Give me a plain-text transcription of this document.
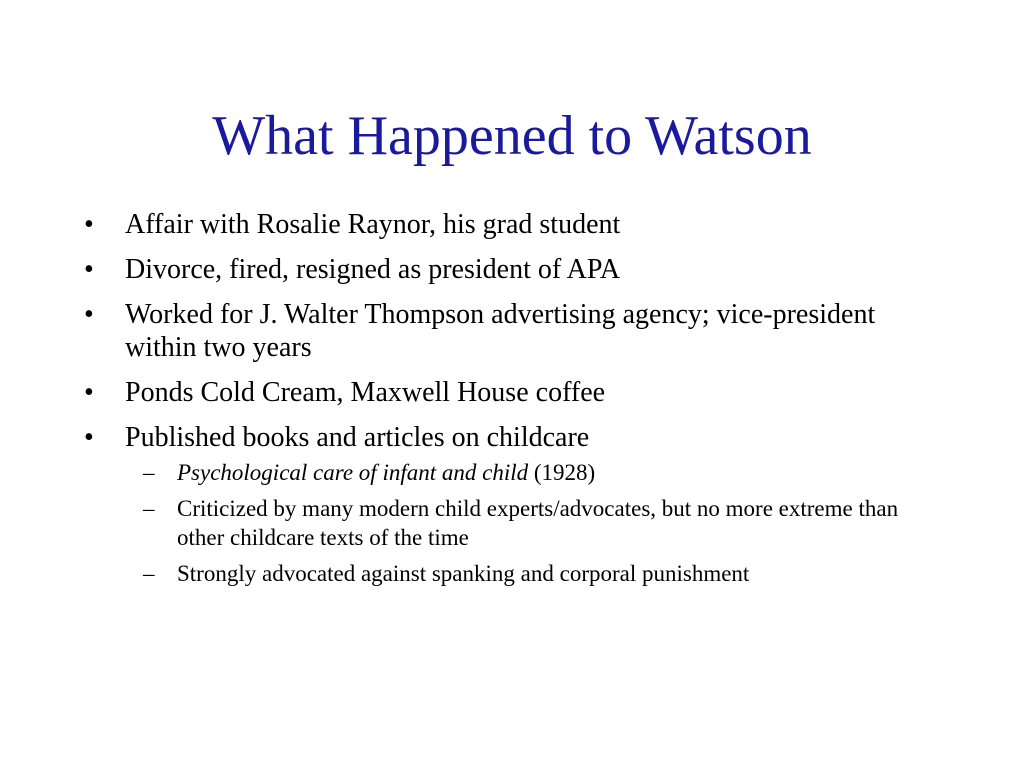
What Happened to Watson
•	Affair with Rosalie Raynor, his grad student
•	Divorce, fired, resigned as president of APA
•	Worked for J. Walter Thompson advertising agency; vice-president within two years
•	Ponds Cold Cream, Maxwell House coffee
•	Published books and articles on childcare
– Psychological care of infant and child (1928)
– Criticized by many modern child experts/advocates, but no more extreme than other childcare texts of the time
– Strongly advocated against spanking and corporal punishment
